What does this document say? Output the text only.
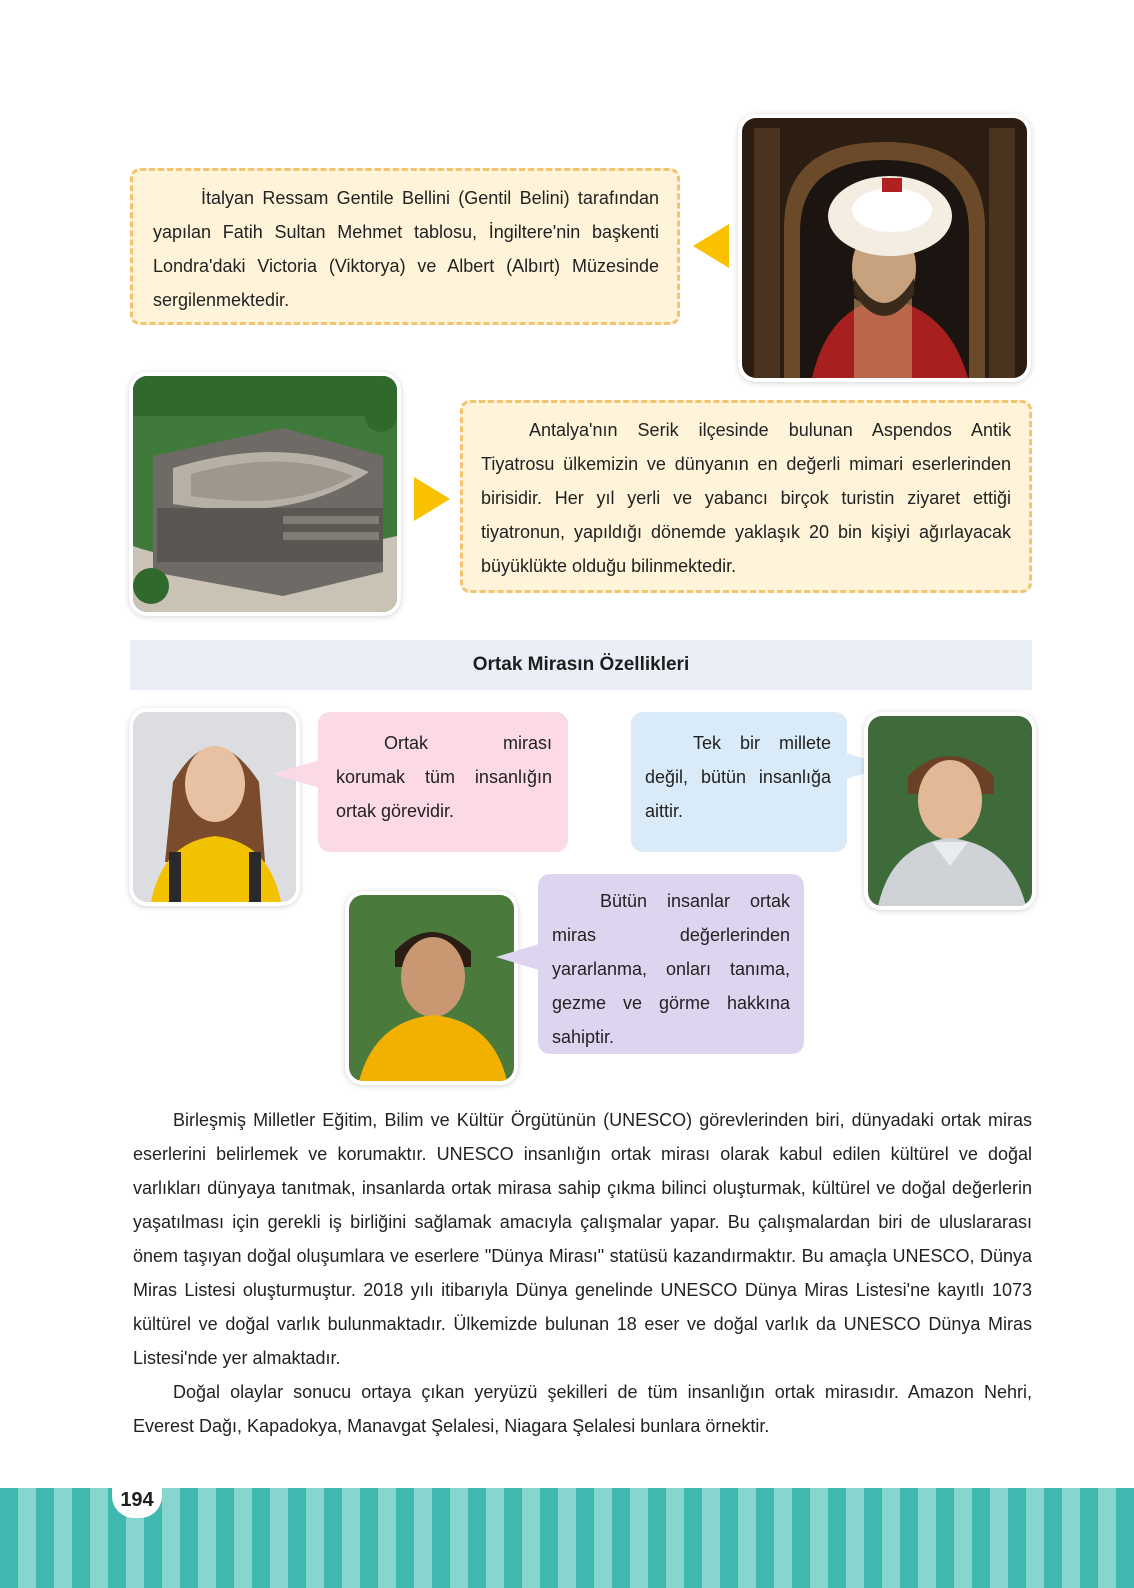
İtalyan Ressam Gentile Bellini (Gentil Belini) tarafından yapılan Fatih Sultan Mehmet tablosu, İngiltere'nin başkenti Londra'daki Victoria (Viktorya) ve Albert (Albırt) Müzesinde sergilenmektedir.

Antalya'nın Serik ilçesinde bulunan Aspendos Antik Tiyatrosu ülkemizin ve dünyanın en değerli mimari eserlerinden birisidir. Her yıl yerli ve yabancı birçok turistin ziyaret ettiği tiyatronun, yapıldığı dönemde yaklaşık 20 bin kişiyi ağırlayacak büyüklükte olduğu bilinmektedir.

Ortak Mirasın Özellikleri

Ortak mirası korumak tüm insanlığın ortak görevidir.

Tek bir millete değil, bütün insanlığa aittir.

Bütün insanlar ortak miras değerlerinden yararlanma, onları tanıma, gezme ve görme hakkına sahiptir.

Birleşmiş Milletler Eğitim, Bilim ve Kültür Örgütünün (UNESCO) görevlerinden biri, dünyadaki ortak miras eserlerini belirlemek ve korumaktır. UNESCO insanlığın ortak mirası olarak kabul edilen kültürel ve doğal varlıkları dünyaya tanıtmak, insanlarda ortak mirasa sahip çıkma bilinci oluşturmak, kültürel ve doğal değerlerin yaşatılması için gerekli iş birliğini sağlamak amacıyla çalışmalar yapar. Bu çalışmalardan biri de uluslararası önem taşıyan doğal oluşumlara ve eserlere "Dünya Mirası" statüsü kazandırmaktır. Bu amaçla UNESCO, Dünya Miras Listesi oluşturmuştur. 2018 yılı itibarıyla Dünya genelinde UNESCO Dünya Miras Listesi'ne kayıtlı 1073 kültürel ve doğal varlık bulunmaktadır. Ülkemizde bulunan 18 eser ve doğal varlık da UNESCO Dünya Miras Listesi'nde yer almaktadır.

Doğal olaylar sonucu ortaya çıkan yeryüzü şekilleri de tüm insanlığın ortak mirasıdır. Amazon Nehri, Everest Dağı, Kapadokya, Manavgat Şelalesi, Niagara Şelalesi bunlara örnektir.

194
